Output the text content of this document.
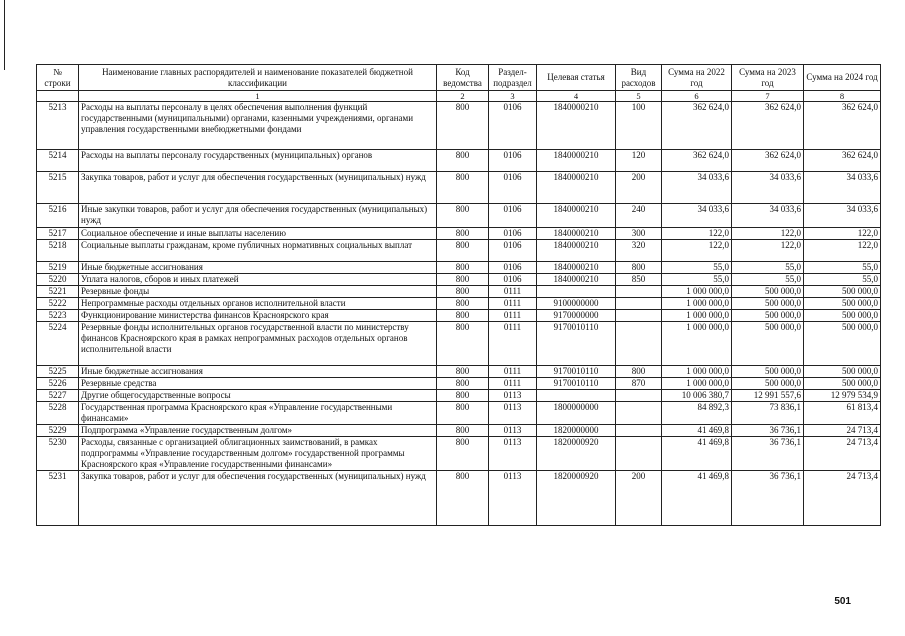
№ строки	Наименование главных распорядителей и наименование показателей бюджетной классификации	Код ведомства	Раздел-подраздел	Целевая статья	Вид расходов	Сумма на 2022 год	Сумма на 2023 год	Сумма на 2024 год
	1	2	3	4	5	6	7	8
5213	Расходы на выплаты персоналу в целях обеспечения выполнения функций государственными (муниципальными) органами, казенными учреждениями, органами управления государственными внебюджетными фондами	800	0106	1840000210	100	362 624,0	362 624,0	362 624,0
5214	Расходы на выплаты персоналу государственных (муниципальных) органов	800	0106	1840000210	120	362 624,0	362 624,0	362 624,0
5215	Закупка товаров, работ и услуг для обеспечения государственных (муниципальных) нужд	800	0106	1840000210	200	34 033,6	34 033,6	34 033,6
5216	Иные закупки товаров, работ и услуг для обеспечения государственных (муниципальных) нужд	800	0106	1840000210	240	34 033,6	34 033,6	34 033,6
5217	Социальное обеспечение и иные выплаты населению	800	0106	1840000210	300	122,0	122,0	122,0
5218	Социальные выплаты гражданам, кроме публичных нормативных социальных выплат	800	0106	1840000210	320	122,0	122,0	122,0
5219	Иные бюджетные ассигнования	800	0106	1840000210	800	55,0	55,0	55,0
5220	Уплата налогов, сборов и иных платежей	800	0106	1840000210	850	55,0	55,0	55,0
5221	Резервные фонды	800	0111			1 000 000,0	500 000,0	500 000,0
5222	Непрограммные расходы отдельных органов исполнительной власти	800	0111	9100000000		1 000 000,0	500 000,0	500 000,0
5223	Функционирование министерства финансов Красноярского края	800	0111	9170000000		1 000 000,0	500 000,0	500 000,0
5224	Резервные фонды исполнительных органов государственной власти по министерству финансов Красноярского края в рамках непрограммных расходов отдельных органов исполнительной власти	800	0111	9170010110		1 000 000,0	500 000,0	500 000,0
5225	Иные бюджетные ассигнования	800	0111	9170010110	800	1 000 000,0	500 000,0	500 000,0
5226	Резервные средства	800	0111	9170010110	870	1 000 000,0	500 000,0	500 000,0
5227	Другие общегосударственные вопросы	800	0113			10 006 380,7	12 991 557,6	12 979 534,9
5228	Государственная программа Красноярского края «Управление государственными финансами»	800	0113	1800000000		84 892,3	73 836,1	61 813,4
5229	Подпрограмма «Управление государственным долгом»	800	0113	1820000000		41 469,8	36 736,1	24 713,4
5230	Расходы, связанные с организацией облигационных заимствований, в рамках подпрограммы «Управление государственным долгом» государственной программы Красноярского края «Управление государственными финансами»	800	0113	1820000920		41 469,8	36 736,1	24 713,4
5231	Закупка товаров, работ и услуг для обеспечения государственных (муниципальных) нужд	800	0113	1820000920	200	41 469,8	36 736,1	24 713,4
501
